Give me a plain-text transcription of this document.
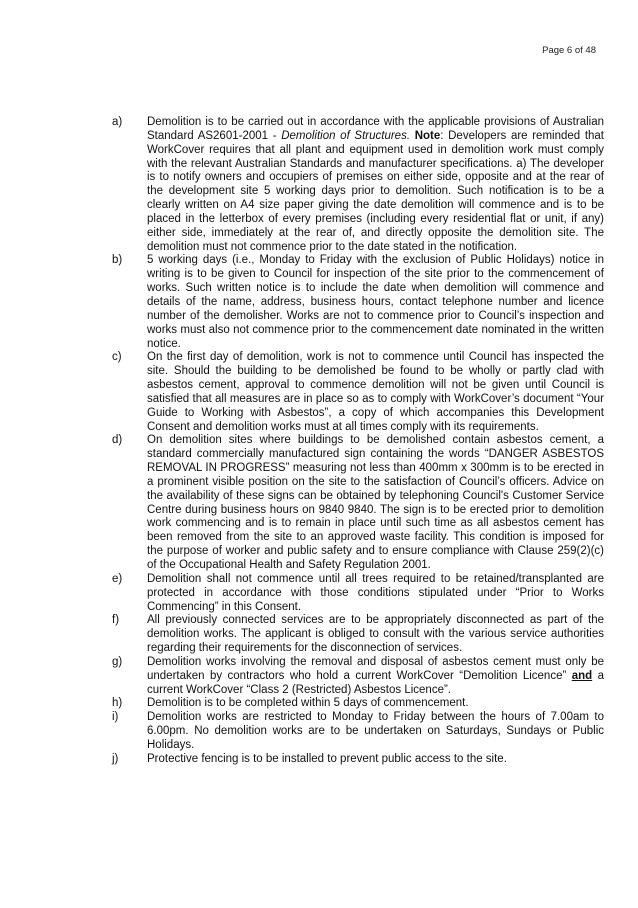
Page 6 of 48

a) Demolition is to be carried out in accordance with the applicable provisions of Australian Standard AS2601-2001 - Demolition of Structures. Note: Developers are reminded that WorkCover requires that all plant and equipment used in demolition work must comply with the relevant Australian Standards and manufacturer specifications. a) The developer is to notify owners and occupiers of premises on either side, opposite and at the rear of the development site 5 working days prior to demolition. Such notification is to be a clearly written on A4 size paper giving the date demolition will commence and is to be placed in the letterbox of every premises (including every residential flat or unit, if any) either side, immediately at the rear of, and directly opposite the demolition site. The demolition must not commence prior to the date stated in the notification.

b) 5 working days (i.e., Monday to Friday with the exclusion of Public Holidays) notice in writing is to be given to Council for inspection of the site prior to the commencement of works. Such written notice is to include the date when demolition will commence and details of the name, address, business hours, contact telephone number and licence number of the demolisher. Works are not to commence prior to Council’s inspection and works must also not commence prior to the commencement date nominated in the written notice.

c) On the first day of demolition, work is not to commence until Council has inspected the site. Should the building to be demolished be found to be wholly or partly clad with asbestos cement, approval to commence demolition will not be given until Council is satisfied that all measures are in place so as to comply with WorkCover’s document “Your Guide to Working with Asbestos”, a copy of which accompanies this Development Consent and demolition works must at all times comply with its requirements.

d) On demolition sites where buildings to be demolished contain asbestos cement, a standard commercially manufactured sign containing the words “DANGER ASBESTOS REMOVAL IN PROGRESS” measuring not less than 400mm x 300mm is to be erected in a prominent visible position on the site to the satisfaction of Council’s officers. Advice on the availability of these signs can be obtained by telephoning Council's Customer Service Centre during business hours on 9840 9840. The sign is to be erected prior to demolition work commencing and is to remain in place until such time as all asbestos cement has been removed from the site to an approved waste facility. This condition is imposed for the purpose of worker and public safety and to ensure compliance with Clause 259(2)(c) of the Occupational Health and Safety Regulation 2001.

e) Demolition shall not commence until all trees required to be retained/transplanted are protected in accordance with those conditions stipulated under “Prior to Works Commencing” in this Consent.

f) All previously connected services are to be appropriately disconnected as part of the demolition works. The applicant is obliged to consult with the various service authorities regarding their requirements for the disconnection of services.

g) Demolition works involving the removal and disposal of asbestos cement must only be undertaken by contractors who hold a current WorkCover “Demolition Licence” and a current WorkCover “Class 2 (Restricted) Asbestos Licence”.

h) Demolition is to be completed within 5 days of commencement.

i) Demolition works are restricted to Monday to Friday between the hours of 7.00am to 6.00pm. No demolition works are to be undertaken on Saturdays, Sundays or Public Holidays.

j) Protective fencing is to be installed to prevent public access to the site.
